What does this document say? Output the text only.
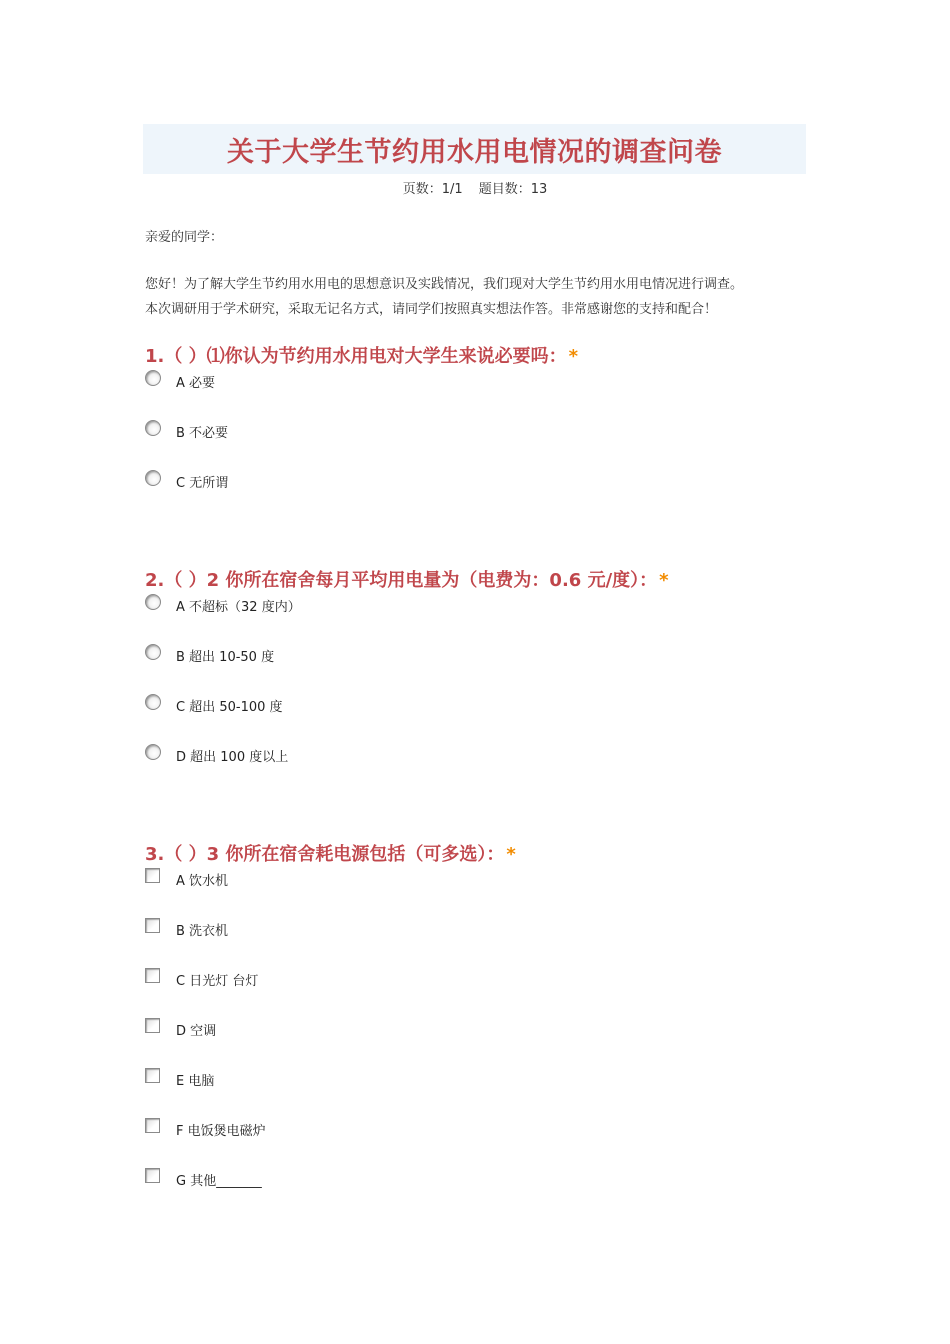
关于大学生节约用水用电情况的调查问卷
页数：1/1 题目数：13
亲爱的同学：
您好！为了解大学生节约用水用电的思想意识及实践情况，我们现对大学生节约用水用电情况进行调查。
本次调研用于学术研究，采取无记名方式，请同学们按照真实想法作答。非常感谢您的支持和配合！
1.（ ）⑴你认为节约用水用电对大学生来说必要吗： *
A 必要
B 不必要
C 无所谓
2.（ ）2 你所在宿舍每月平均用电量为（电费为：0.6 元/度）： *
A 不超标（32 度内）
B 超出 10-50 度
C 超出 50-100 度
D 超出 100 度以上
3.（ ）3 你所在宿舍耗电源包括（可多选）： *
A 饮水机
B 洗衣机
C 日光灯 台灯
D 空调
E 电脑
F 电饭煲电磁炉
G 其他_______
